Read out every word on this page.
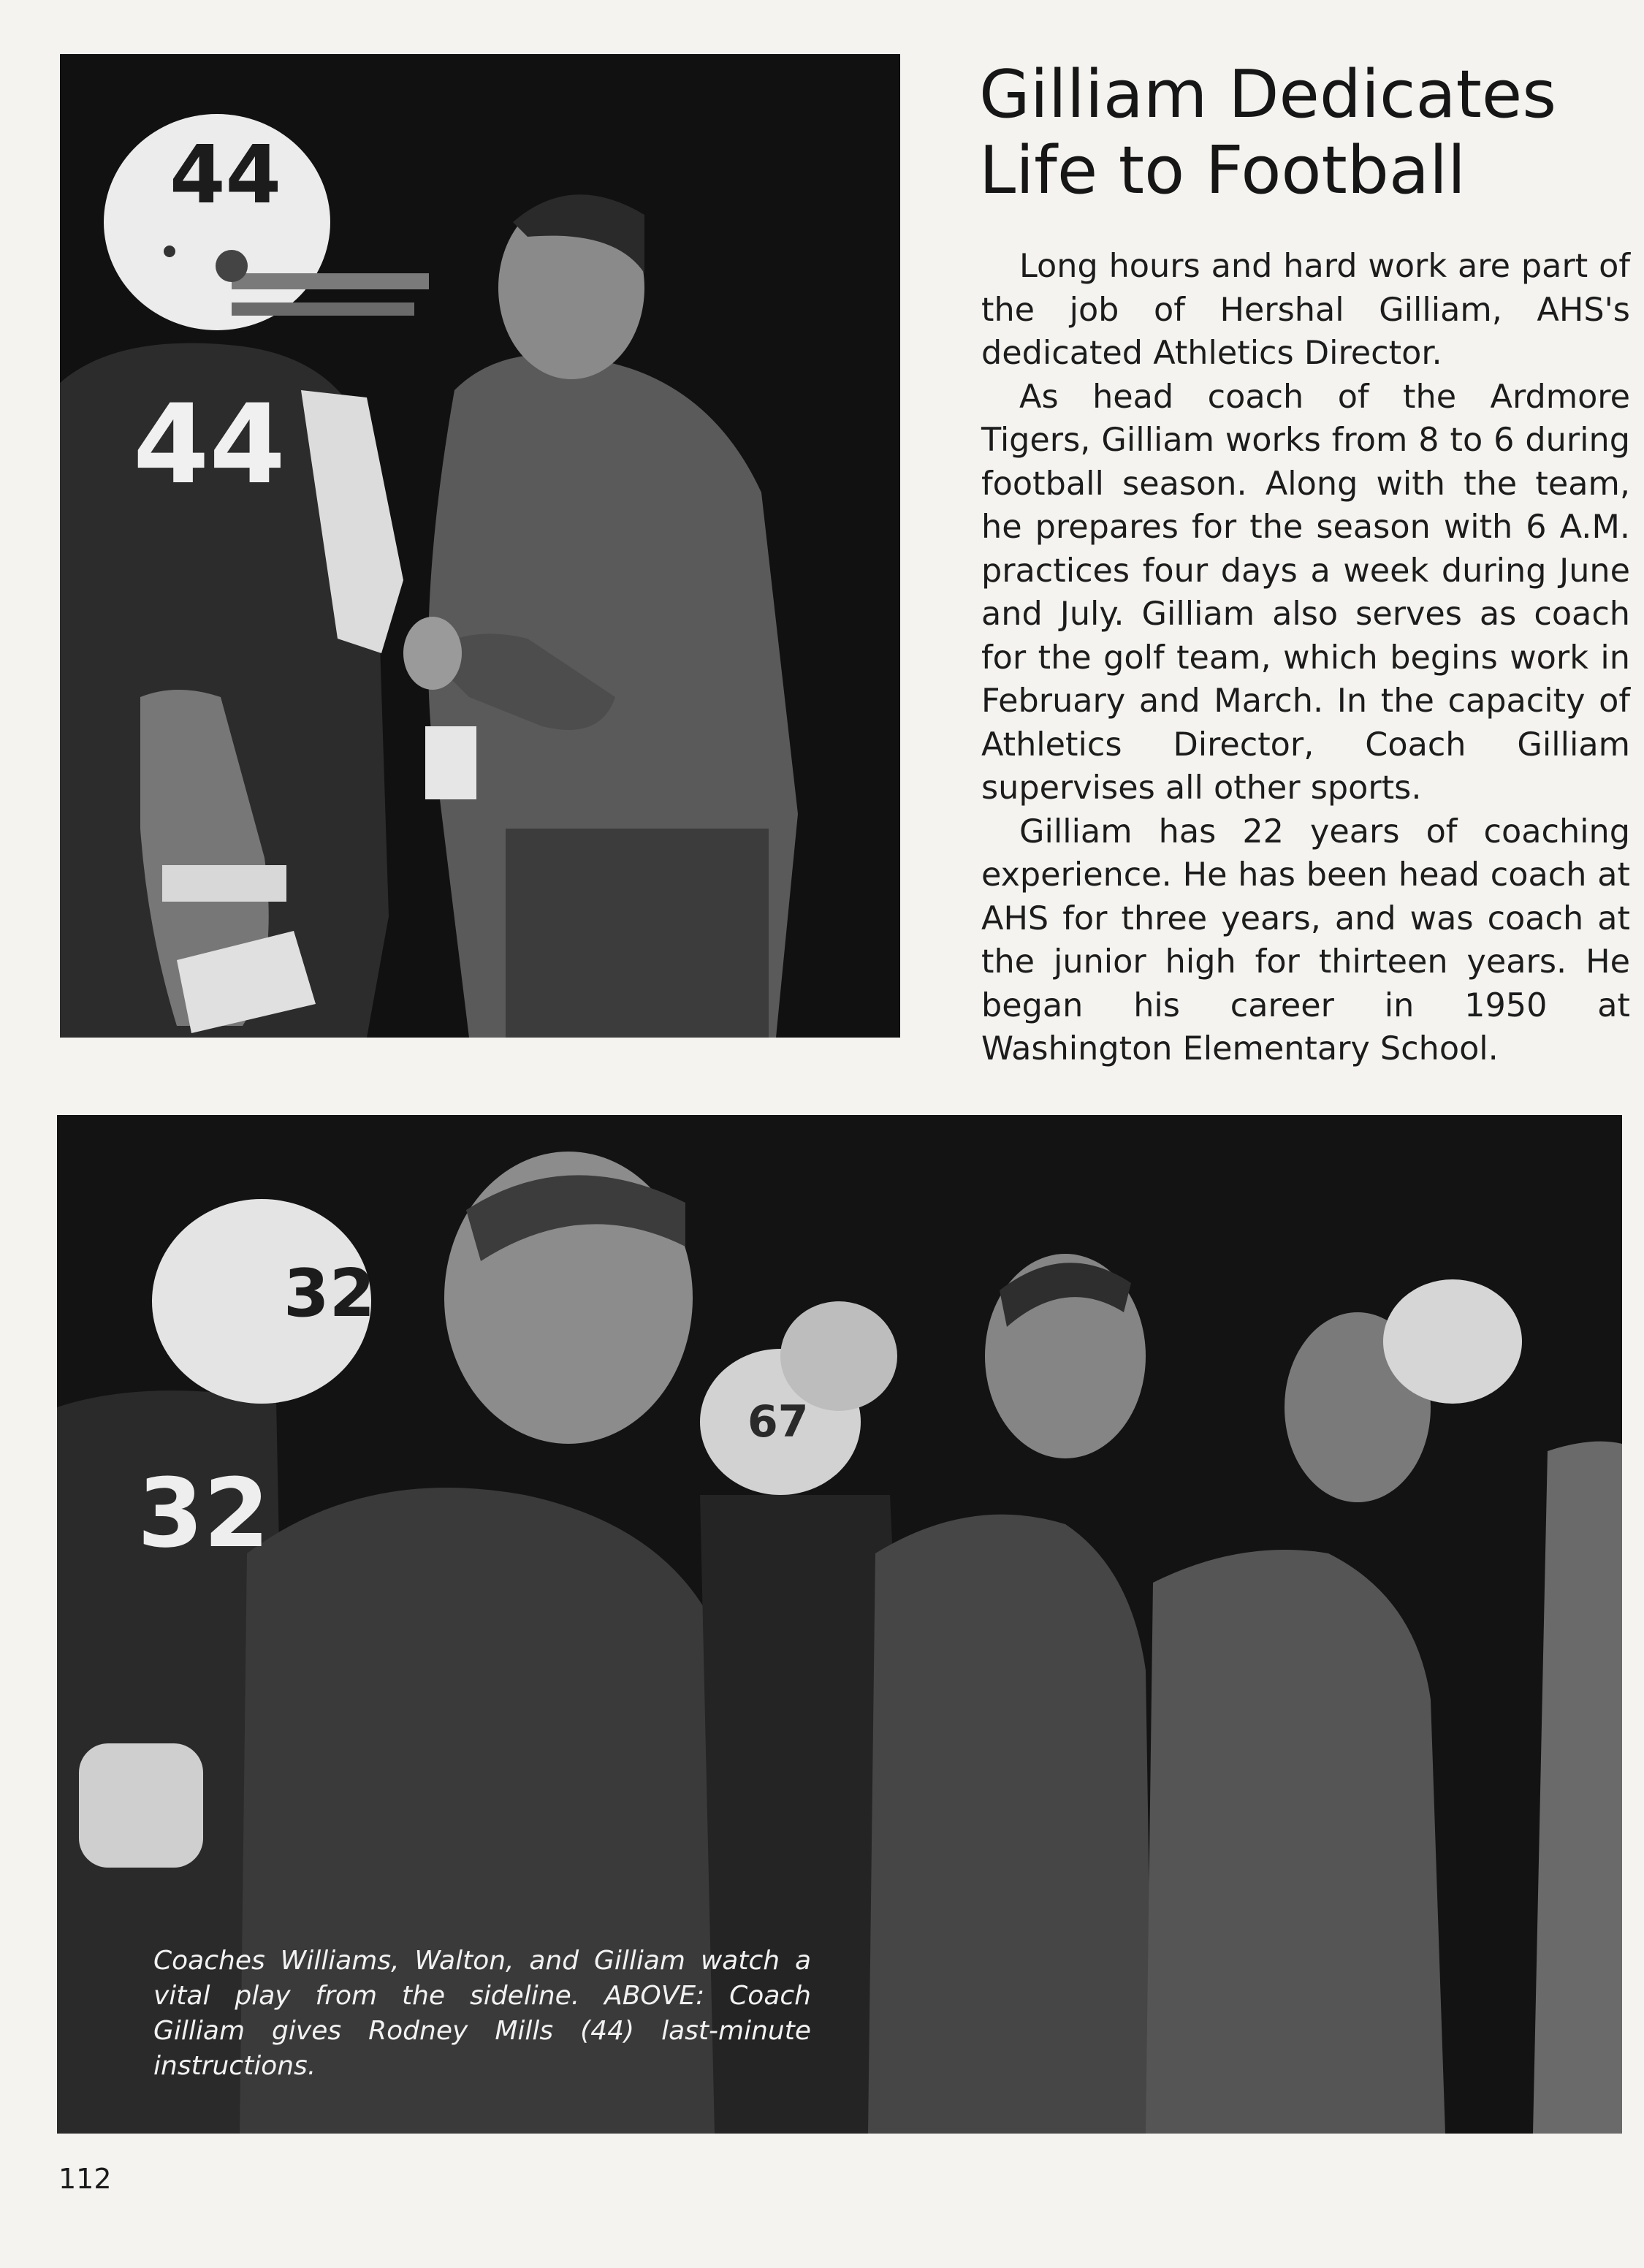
44
44
Gilliam Dedicates
Life to Football

Long hours and hard work are part of the job of Hershal Gilliam, AHS's dedicated Athletics Director.

As head coach of the Ardmore Tigers, Gilliam works from 8 to 6 during football season. Along with the team, he prepares for the season with 6 A.M. practices four days a week during June and July. Gilliam also serves as coach for the golf team, which begins work in February and March. In the capacity of Athletics Director, Coach Gilliam supervises all other sports.

Gilliam has 22 years of coaching experience. He has been head coach at AHS for three years, and was coach at the junior high for thirteen years. He began his career in 1950 at Washington Elementary School.

32
32
67
Coaches Williams, Walton, and Gilliam watch a vital play from the sideline. ABOVE: Coach Gilliam gives Rodney Mills (44) last-minute instructions.
112
